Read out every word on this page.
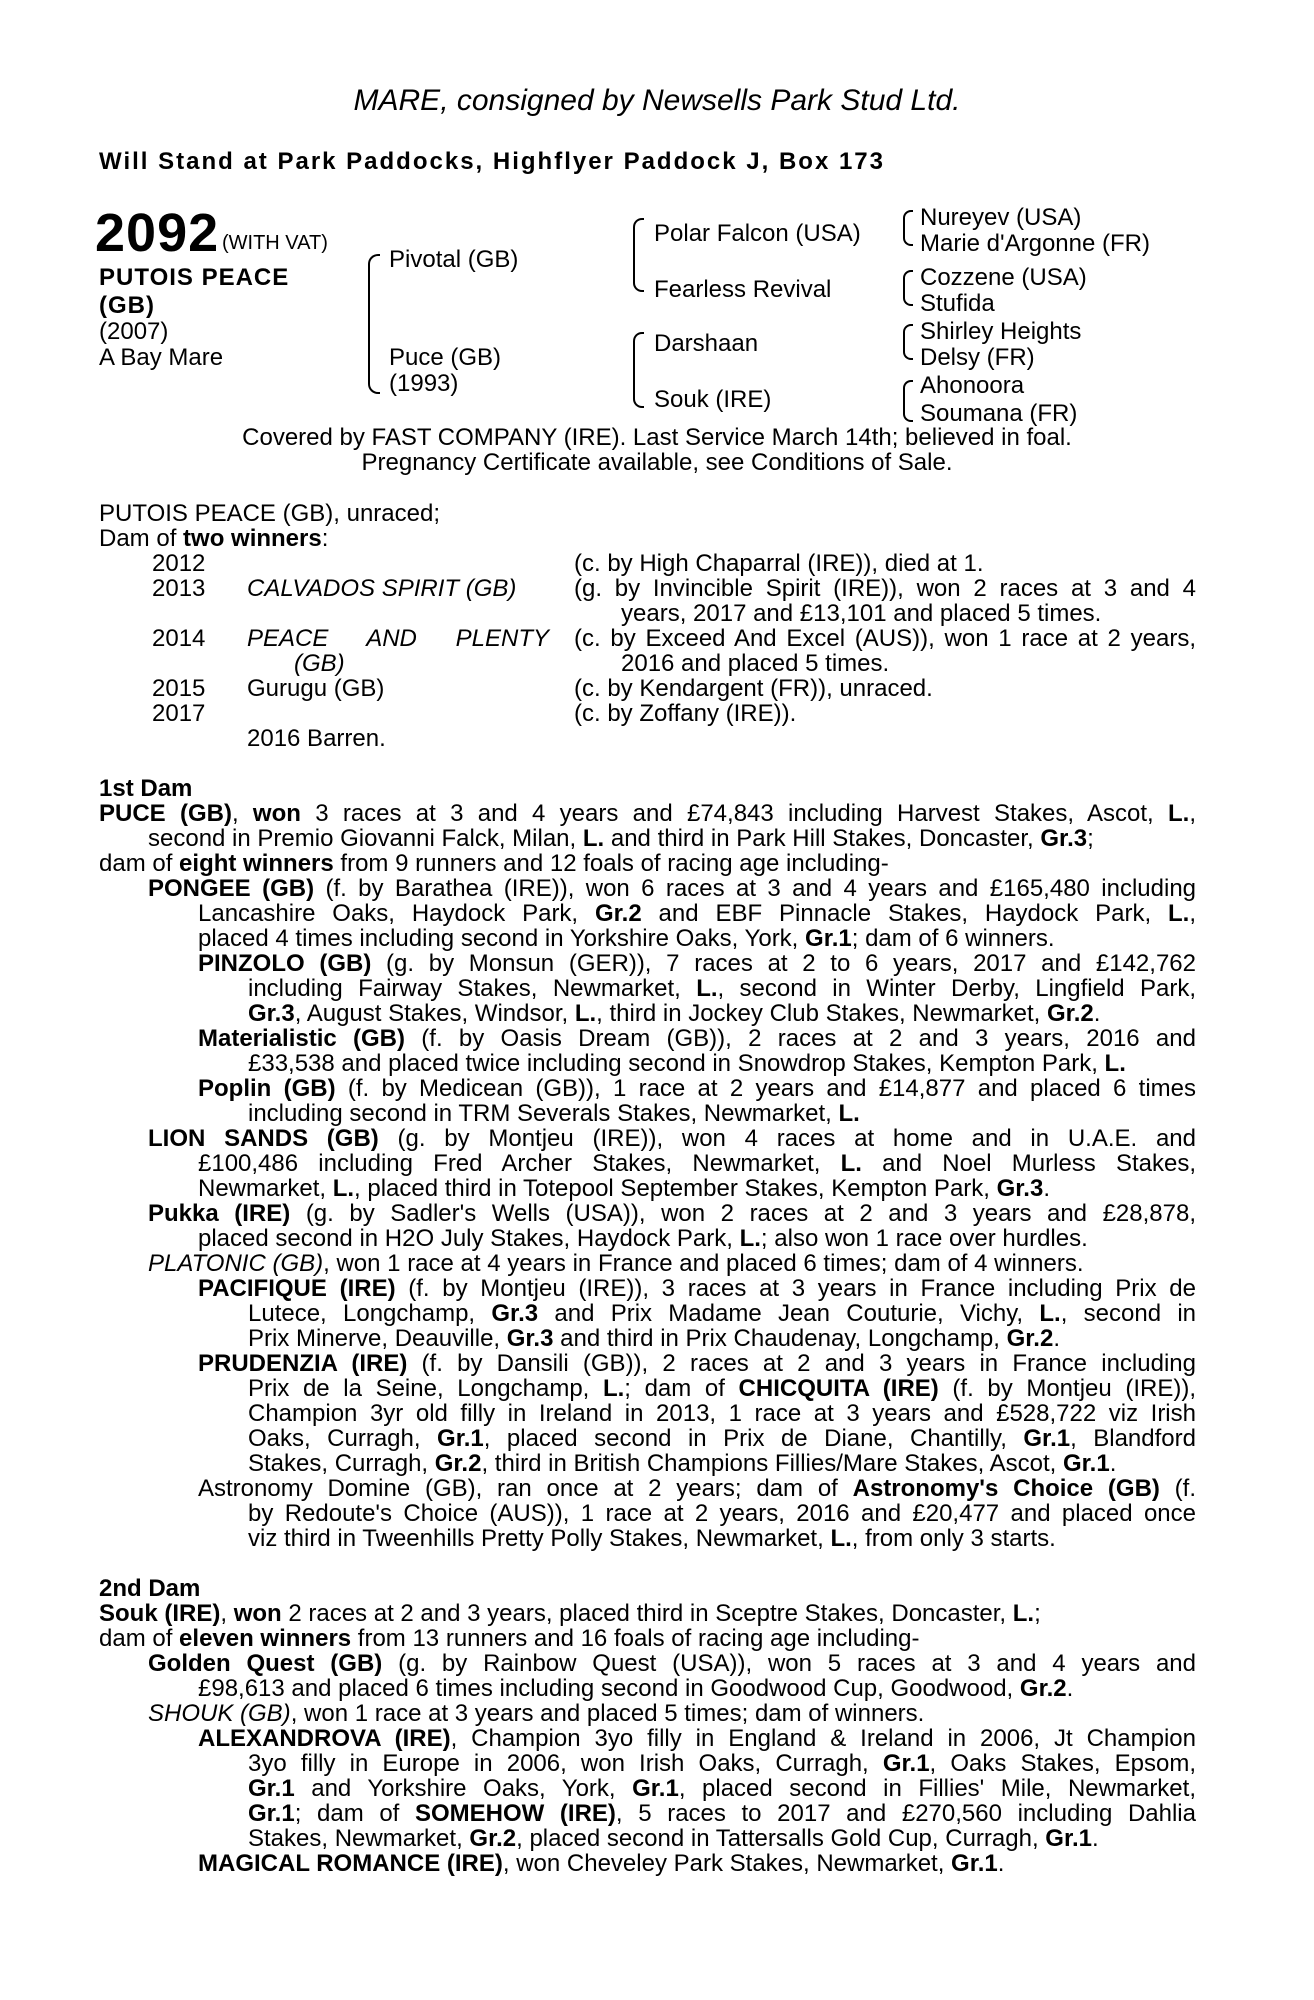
MARE, consigned by Newsells Park Stud Ltd.
Will Stand at Park Paddocks, Highflyer Paddock J, Box 173
2092 (WITH VAT)
PUTOIS PEACE
(GB)
(2007)
A Bay Mare
Pivotal (GB)
Puce (GB)
(1993)
Polar Falcon (USA)
Fearless Revival
Darshaan
Souk (IRE)
Nureyev (USA)
Marie d'Argonne (FR)
Cozzene (USA)
Stufida
Shirley Heights
Delsy (FR)
Ahonoora
Soumana (FR)
Covered by FAST COMPANY (IRE). Last Service March 14th; believed in foal.
Pregnancy Certificate available, see Conditions of Sale.
PUTOIS PEACE (GB), unraced;
Dam of two winners:
2012	(c. by High Chaparral (IRE)), died at 1.
2013 CALVADOS SPIRIT (GB) (g. by Invincible Spirit (IRE)), won 2 races at 3 and 4
years, 2017 and £13,101 and placed 5 times.
2014 PEACE AND PLENTY
(GB)
(c. by Exceed And Excel (AUS)), won 1 race at 2 years,
2016 and placed 5 times.
2015 Gurugu (GB)	(c. by Kendargent (FR)), unraced.
2017	(c. by Zoffany (IRE)).
2016 Barren.
1st Dam
PUCE (GB), won 3 races at 3 and 4 years and £74,843 including Harvest Stakes, Ascot, L.,
second in Premio Giovanni Falck, Milan, L. and third in Park Hill Stakes, Doncaster, Gr.3;
dam of eight winners from 9 runners and 12 foals of racing age including-
PONGEE (GB) (f. by Barathea (IRE)), won 6 races at 3 and 4 years and £165,480 including
Lancashire Oaks, Haydock Park, Gr.2 and EBF Pinnacle Stakes, Haydock Park, L.,
placed 4 times including second in Yorkshire Oaks, York, Gr.1; dam of 6 winners.
PINZOLO (GB) (g. by Monsun (GER)), 7 races at 2 to 6 years, 2017 and £142,762
including Fairway Stakes, Newmarket, L., second in Winter Derby, Lingfield Park,
Gr.3, August Stakes, Windsor, L., third in Jockey Club Stakes, Newmarket, Gr.2.
Materialistic (GB) (f. by Oasis Dream (GB)), 2 races at 2 and 3 years, 2016 and
£33,538 and placed twice including second in Snowdrop Stakes, Kempton Park, L.
Poplin (GB) (f. by Medicean (GB)), 1 race at 2 years and £14,877 and placed 6 times
including second in TRM Severals Stakes, Newmarket, L.
LION SANDS (GB) (g. by Montjeu (IRE)), won 4 races at home and in U.A.E. and
£100,486 including Fred Archer Stakes, Newmarket, L. and Noel Murless Stakes,
Newmarket, L., placed third in Totepool September Stakes, Kempton Park, Gr.3.
Pukka (IRE) (g. by Sadler's Wells (USA)), won 2 races at 2 and 3 years and £28,878,
placed second in H2O July Stakes, Haydock Park, L.; also won 1 race over hurdles.
PLATONIC (GB), won 1 race at 4 years in France and placed 6 times; dam of 4 winners.
PACIFIQUE (IRE) (f. by Montjeu (IRE)), 3 races at 3 years in France including Prix de
Lutece, Longchamp, Gr.3 and Prix Madame Jean Couturie, Vichy, L., second in
Prix Minerve, Deauville, Gr.3 and third in Prix Chaudenay, Longchamp, Gr.2.
PRUDENZIA (IRE) (f. by Dansili (GB)), 2 races at 2 and 3 years in France including
Prix de la Seine, Longchamp, L.; dam of CHICQUITA (IRE) (f. by Montjeu (IRE)),
Champion 3yr old filly in Ireland in 2013, 1 race at 3 years and £528,722 viz Irish
Oaks, Curragh, Gr.1, placed second in Prix de Diane, Chantilly, Gr.1, Blandford
Stakes, Curragh, Gr.2, third in British Champions Fillies/Mare Stakes, Ascot, Gr.1.
Astronomy Domine (GB), ran once at 2 years; dam of Astronomy's Choice (GB) (f.
by Redoute's Choice (AUS)), 1 race at 2 years, 2016 and £20,477 and placed once
viz third in Tweenhills Pretty Polly Stakes, Newmarket, L., from only 3 starts.
2nd Dam
Souk (IRE), won 2 races at 2 and 3 years, placed third in Sceptre Stakes, Doncaster, L.;
dam of eleven winners from 13 runners and 16 foals of racing age including-
Golden Quest (GB) (g. by Rainbow Quest (USA)), won 5 races at 3 and 4 years and
£98,613 and placed 6 times including second in Goodwood Cup, Goodwood, Gr.2.
SHOUK (GB), won 1 race at 3 years and placed 5 times; dam of winners.
ALEXANDROVA (IRE), Champion 3yo filly in England & Ireland in 2006, Jt Champion
3yo filly in Europe in 2006, won Irish Oaks, Curragh, Gr.1, Oaks Stakes, Epsom,
Gr.1 and Yorkshire Oaks, York, Gr.1, placed second in Fillies' Mile, Newmarket,
Gr.1; dam of SOMEHOW (IRE), 5 races to 2017 and £270,560 including Dahlia
Stakes, Newmarket, Gr.2, placed second in Tattersalls Gold Cup, Curragh, Gr.1.
MAGICAL ROMANCE (IRE), won Cheveley Park Stakes, Newmarket, Gr.1.
